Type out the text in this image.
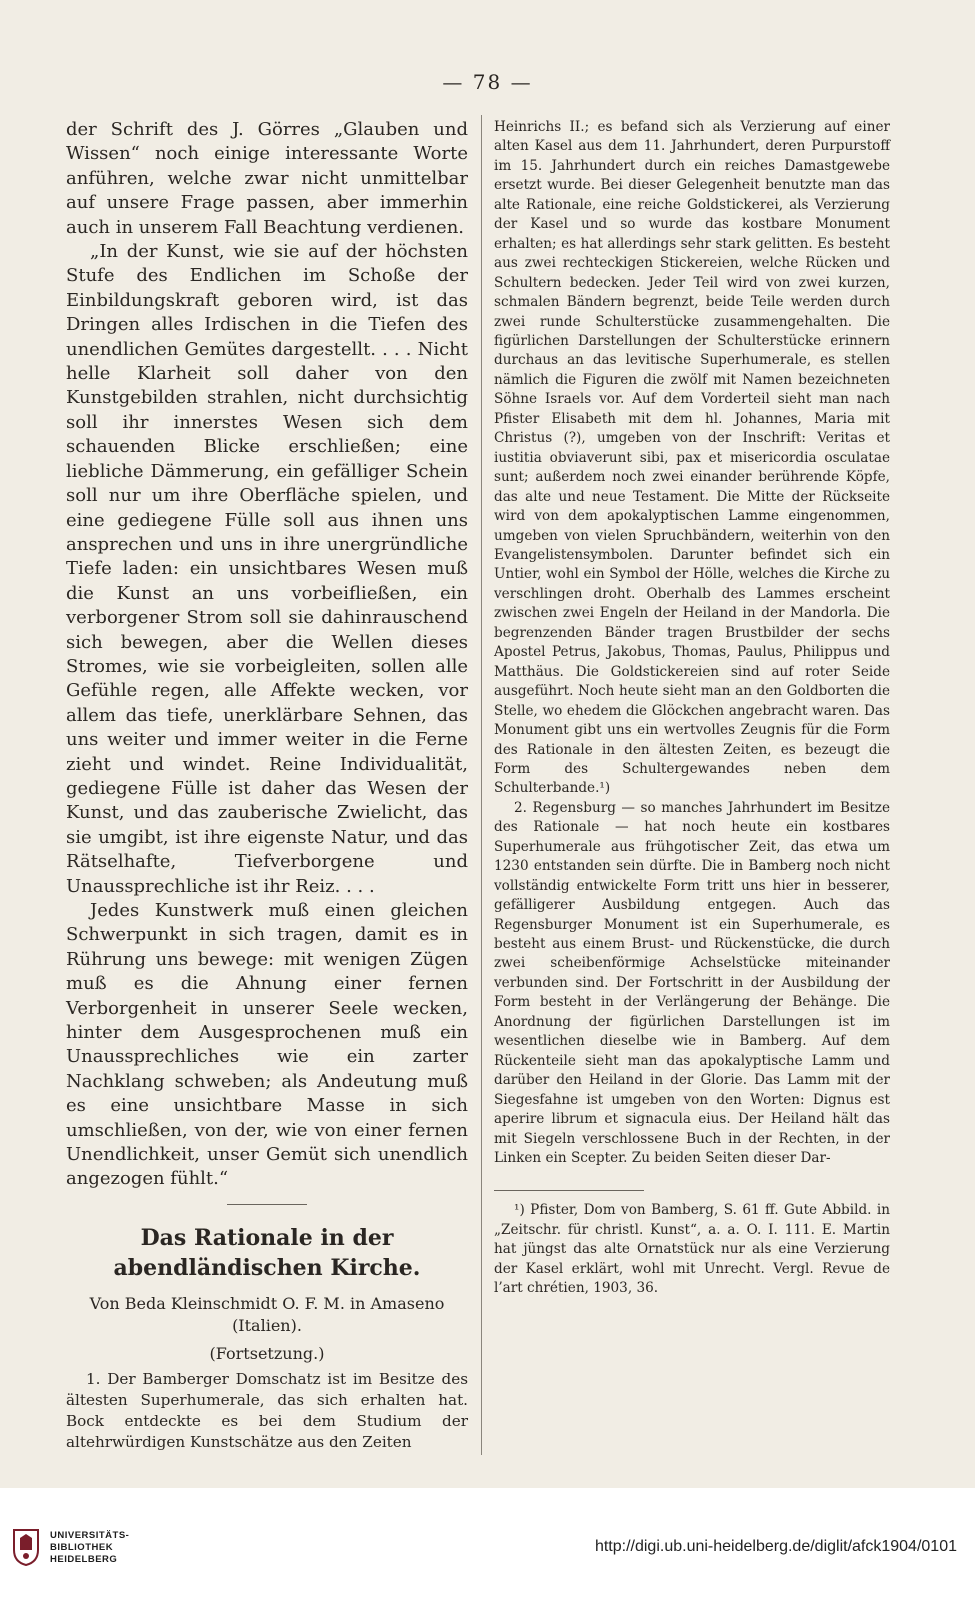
— 78 —

der Schrift des J. Görres „Glauben und Wissen“ noch einige interessante Worte anführen, welche zwar nicht unmittelbar auf unsere Frage passen, aber immerhin auch in unserem Fall Beachtung verdienen.

„In der Kunst, wie sie auf der höchsten Stufe des Endlichen im Schoße der Einbildungskraft geboren wird, ist das Dringen alles Irdischen in die Tiefen des unendlichen Gemütes dargestellt. . . . Nicht helle Klarheit soll daher von den Kunstgebilden strahlen, nicht durchsichtig soll ihr innerstes Wesen sich dem schauenden Blicke erschließen; eine liebliche Dämmerung, ein gefälliger Schein soll nur um ihre Oberfläche spielen, und eine gediegene Fülle soll aus ihnen uns ansprechen und uns in ihre unergründliche Tiefe laden: ein unsichtbares Wesen muß die Kunst an uns vorbeifließen, ein verborgener Strom soll sie dahinrauschend sich bewegen, aber die Wellen dieses Stromes, wie sie vorbeigleiten, sollen alle Gefühle regen, alle Affekte wecken, vor allem das tiefe, unerklärbare Sehnen, das uns weiter und immer weiter in die Ferne zieht und windet. Reine Individualität, gediegene Fülle ist daher das Wesen der Kunst, und das zauberische Zwielicht, das sie umgibt, ist ihre eigenste Natur, und das Rätselhafte, Tiefverborgene und Unaussprechliche ist ihr Reiz. . . .

Jedes Kunstwerk muß einen gleichen Schwerpunkt in sich tragen, damit es in Rührung uns bewege: mit wenigen Zügen muß es die Ahnung einer fernen Verborgenheit in unserer Seele wecken, hinter dem Ausgesprochenen muß ein Unaussprechliches wie ein zarter Nachklang schweben; als Andeutung muß es eine unsichtbare Masse in sich umschließen, von der, wie von einer fernen Unendlichkeit, unser Gemüt sich unendlich angezogen fühlt.“

Das Rationale in der abendländischen Kirche.
Von Beda Kleinschmidt O. F. M. in Amaseno (Italien).
(Fortsetzung.)

1. Der Bamberger Domschatz ist im Besitze des ältesten Superhumerale, das sich erhalten hat. Bock entdeckte es bei dem Studium der altehrwürdigen Kunstschätze aus den Zeiten

Heinrichs II.; es befand sich als Verzierung auf einer alten Kasel aus dem 11. Jahrhundert, deren Purpurstoff im 15. Jahrhundert durch ein reiches Damastgewebe ersetzt wurde. Bei dieser Gelegenheit benutzte man das alte Rationale, eine reiche Goldstickerei, als Verzierung der Kasel und so wurde das kostbare Monument erhalten; es hat allerdings sehr stark gelitten. Es besteht aus zwei rechteckigen Stickereien, welche Rücken und Schultern bedecken. Jeder Teil wird von zwei kurzen, schmalen Bändern begrenzt, beide Teile werden durch zwei runde Schulterstücke zusammengehalten. Die figürlichen Darstellungen der Schulterstücke erinnern durchaus an das levitische Superhumerale, es stellen nämlich die Figuren die zwölf mit Namen bezeichneten Söhne Israels vor. Auf dem Vorderteil sieht man nach Pfister Elisabeth mit dem hl. Johannes, Maria mit Christus (?), umgeben von der Inschrift: Veritas et iustitia obviaverunt sibi, pax et misericordia osculatae sunt; außerdem noch zwei einander berührende Köpfe, das alte und neue Testament. Die Mitte der Rückseite wird von dem apokalyptischen Lamme eingenommen, umgeben von vielen Spruchbändern, weiterhin von den Evangelistensymbolen. Darunter befindet sich ein Untier, wohl ein Symbol der Hölle, welches die Kirche zu verschlingen droht. Oberhalb des Lammes erscheint zwischen zwei Engeln der Heiland in der Mandorla. Die begrenzenden Bänder tragen Brustbilder der sechs Apostel Petrus, Jakobus, Thomas, Paulus, Philippus und Matthäus. Die Goldstickereien sind auf roter Seide ausgeführt. Noch heute sieht man an den Goldborten die Stelle, wo ehedem die Glöckchen angebracht waren. Das Monument gibt uns ein wertvolles Zeugnis für die Form des Rationale in den ältesten Zeiten, es bezeugt die Form des Schultergewandes neben dem Schulterbande.¹)

2. Regensburg — so manches Jahrhundert im Besitze des Rationale — hat noch heute ein kostbares Superhumerale aus frühgotischer Zeit, das etwa um 1230 entstanden sein dürfte. Die in Bamberg noch nicht vollständig entwickelte Form tritt uns hier in besserer, gefälligerer Ausbildung entgegen. Auch das Regensburger Monument ist ein Superhumerale, es besteht aus einem Brust- und Rückenstücke, die durch zwei scheibenförmige Achselstücke miteinander verbunden sind. Der Fortschritt in der Ausbildung der Form besteht in der Verlängerung der Behänge. Die Anordnung der figürlichen Darstellungen ist im wesentlichen dieselbe wie in Bamberg. Auf dem Rückenteile sieht man das apokalyptische Lamm und darüber den Heiland in der Glorie. Das Lamm mit der Siegesfahne ist umgeben von den Worten: Dignus est aperire librum et signacula eius. Der Heiland hält das mit Siegeln verschlossene Buch in der Rechten, in der Linken ein Scepter. Zu beiden Seiten dieser Dar-

¹) Pfister, Dom von Bamberg, S. 61 ff. Gute Abbild. in „Zeitschr. für christl. Kunst“, a. a. O. I. 111. E. Martin hat jüngst das alte Ornatstück nur als eine Verzierung der Kasel erklärt, wohl mit Unrecht. Vergl. Revue de l’art chrétien, 1903, 36.

UNIVERSITÄTS-
BIBLIOTHEK
HEIDELBERG
http://digi.ub.uni-heidelberg.de/diglit/afck1904/0101
